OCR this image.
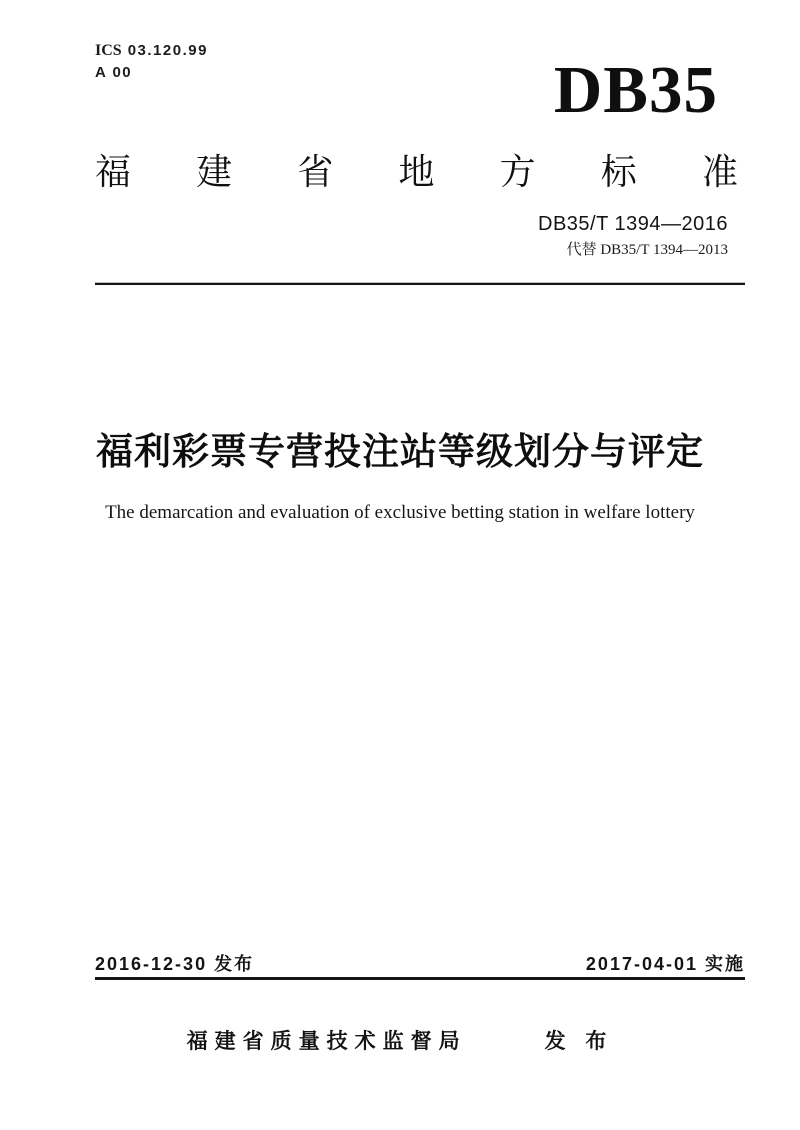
ICS 03.120.99
A 00	DB35
福 建 省 地 方 标 准
DB35/T 1394—2016
代替 DB35/T 1394—2013
福利彩票专营投注站等级划分与评定
The demarcation and evaluation of exclusive betting station in welfare lottery
2016-12-30 发布	2017-04-01 实施
福建省质量技术监督局	发 布
